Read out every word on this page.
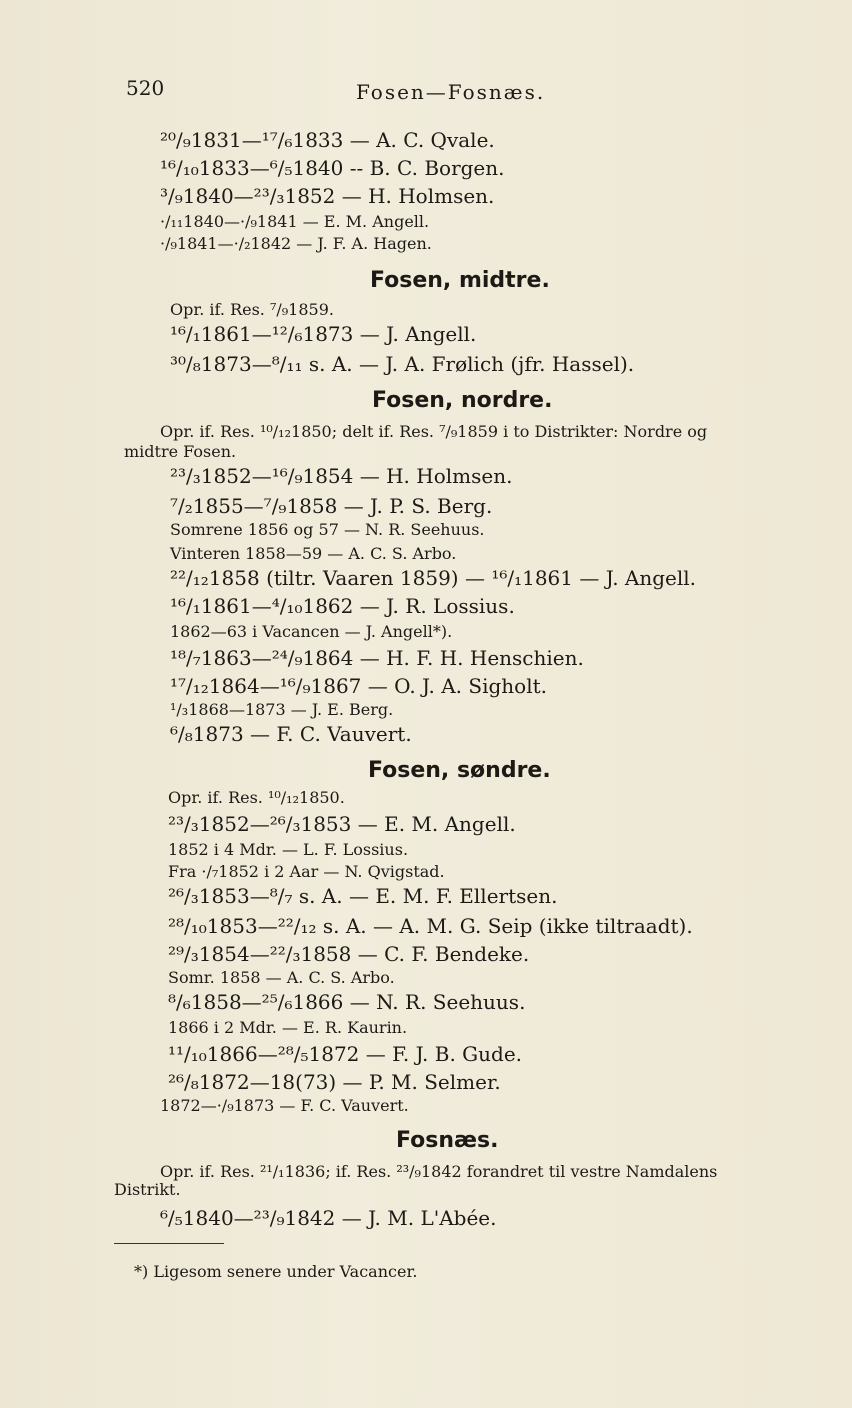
520	Fosen—Fosnæs.
²⁰/₉1831—¹⁷/₆1833 — A. C. Qvale.
¹⁶/₁₀1833—⁶/₅1840 -- B. C. Borgen.
³/₉1840—²³/₃1852 — H. Holmsen.
·/₁₁1840—·/₉1841 — E. M. Angell.
·/₉1841—·/₂1842 — J. F. A. Hagen.
Fosen, midtre.
Opr. if. Res. ⁷/₉1859.
¹⁶/₁1861—¹²/₆1873 — J. Angell.
³⁰/₈1873—⁸/₁₁ s. A. — J. A. Frølich (jfr. Hassel).
Fosen, nordre.
Opr. if. Res. ¹⁰/₁₂1850; delt if. Res. ⁷/₉1859 i to Distrikter: Nordre og
midtre Fosen.
²³/₃1852—¹⁶/₉1854 — H. Holmsen.
⁷/₂1855—⁷/₉1858 — J. P. S. Berg.
Somrene 1856 og 57 — N. R. Seehuus.
Vinteren 1858—59 — A. C. S. Arbo.
²²/₁₂1858 (tiltr. Vaaren 1859) — ¹⁶/₁1861 — J. Angell.
¹⁶/₁1861—⁴/₁₀1862 — J. R. Lossius.
1862—63 i Vacancen — J. Angell*).
¹⁸/₇1863—²⁴/₉1864 — H. F. H. Henschien.
¹⁷/₁₂1864—¹⁶/₉1867 — O. J. A. Sigholt.
¹/₃1868—1873 — J. E. Berg.
⁶/₈1873 — F. C. Vauvert.
Fosen, søndre.
Opr. if. Res. ¹⁰/₁₂1850.
²³/₃1852—²⁶/₃1853 — E. M. Angell.
1852 i 4 Mdr. — L. F. Lossius.
Fra ·/₇1852 i 2 Aar — N. Qvigstad.
²⁶/₃1853—⁸/₇ s. A. — E. M. F. Ellertsen.
²⁸/₁₀1853—²²/₁₂ s. A. — A. M. G. Seip (ikke tiltraadt).
²⁹/₃1854—²²/₃1858 — C. F. Bendeke.
Somr. 1858 — A. C. S. Arbo.
⁸/₆1858—²⁵/₆1866 — N. R. Seehuus.
1866 i 2 Mdr. — E. R. Kaurin.
¹¹/₁₀1866—²⁸/₅1872 — F. J. B. Gude.
²⁶/₈1872—18(73) — P. M. Selmer.
1872—·/₉1873 — F. C. Vauvert.
Fosnæs.
Opr. if. Res. ²¹/₁1836; if. Res. ²³/₉1842 forandret til vestre Namdalens
Distrikt.
⁶/₅1840—²³/₉1842 — J. M. L'Abée.
*) Ligesom senere under Vacancer.
